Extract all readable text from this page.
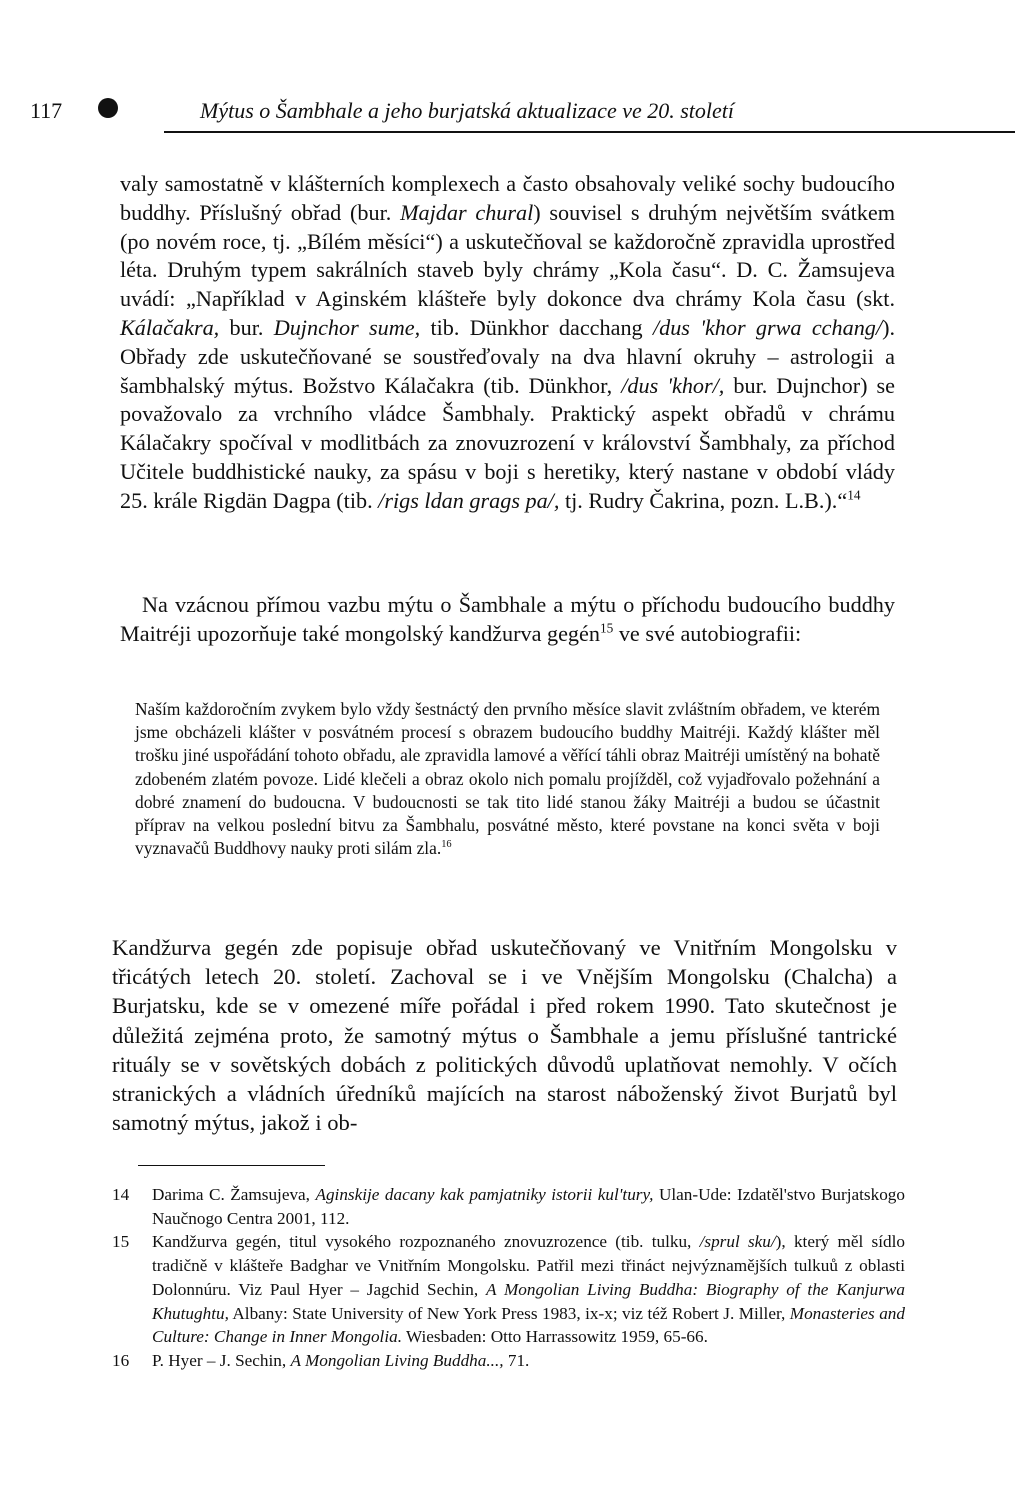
117	Mýtus o Šambhale a jeho burjatská aktualizace ve 20. století

valy samostatně v klášterních komplexech a často obsahovaly veliké sochy budoucího buddhy. Příslušný obřad (bur. Majdar chural) souvisel s druhým největším svátkem (po novém roce, tj. „Bílém měsíci“) a uskutečňoval se každoročně zpravidla uprostřed léta. Druhým typem sakrálních staveb byly chrámy „Kola času“. D. C. Žamsujeva uvádí: „Například v Aginském klášteře byly dokonce dva chrámy Kola času (skt. Kálačakra, bur. Dujnchor sume, tib. Dünkhor dacchang /dus 'khor grwa cchang/). Obřady zde uskutečňované se soustřeďovaly na dva hlavní okruhy – astrologii a šambhalský mýtus. Božstvo Kálačakra (tib. Dünkhor, /dus 'khor/, bur. Dujnchor) se považovalo za vrchního vládce Šambhaly. Praktický aspekt obřadů v chrámu Kálačakry spočíval v modlitbách za znovuzrození v království Šambhaly, za příchod Učitele buddhistické nauky, za spásu v boji s heretiky, který nastane v období vlády 25. krále Rigdän Dagpa (tib. /rigs ldan grags pa/, tj. Rudry Čakrina, pozn. L.B.).“$^{14}$

Na vzácnou přímou vazbu mýtu o Šambhale a mýtu o příchodu budoucího buddhy Maitréji upozorňuje také mongolský kandžurva gegén$^{15}$ ve své autobiografii:

Naším každoročním zvykem bylo vždy šestnáctý den prvního měsíce slavit zvláštním obřadem, ve kterém jsme obcházeli klášter v posvátném procesí s obrazem budoucího buddhy Maitréji. Každý klášter měl trošku jiné uspořádání tohoto obřadu, ale zpravidla lamové a věřící táhli obraz Maitréji umístěný na bohatě zdobeném zlatém povoze. Lidé klečeli a obraz okolo nich pomalu projížděl, což vyjadřovalo požehnání a dobré znamení do budoucna. V budoucnosti se tak tito lidé stanou žáky Maitréji a budou se účastnit příprav na velkou poslední bitvu za Šambhalu, posvátné město, které povstane na konci světa v boji vyznavačů Buddhovy nauky proti silám zla.$^{16}$

Kandžurva gegén zde popisuje obřad uskutečňovaný ve Vnitřním Mongolsku v třicátých letech 20. století. Zachoval se i ve Vnějším Mongolsku (Chalcha) a Burjatsku, kde se v omezené míře pořádal i před rokem 1990. Tato skutečnost je důležitá zejména proto, že samotný mýtus o Šambhale a jemu příslušné tantrické rituály se v sovětských dobách z politických důvodů uplatňovat nemohly. V očích stranických a vládních úředníků majících na starost náboženský život Burjatů byl samotný mýtus, jakož i ob-

14	Darima C. Žamsujeva, Aginskije dacany kak pamjatniky istorii kul'tury, Ulan-Ude: Izdatěl'stvo Burjatskogo Naučnogo Centra 2001, 112.
15	Kandžurva gegén, titul vysokého rozpoznaného znovuzrozence (tib. tulku, /sprul sku/), který měl sídlo tradičně v klášteře Badghar ve Vnitřním Mongolsku. Patřil mezi třináct nejvýznamějších tulkuů z oblasti Dolonnúru. Viz Paul Hyer – Jagchid Sechin, A Mongolian Living Buddha: Biography of the Kanjurwa Khutughtu, Albany: State University of New York Press 1983, ix-x; viz též Robert J. Miller, Monasteries and Culture: Change in Inner Mongolia. Wiesbaden: Otto Harrassowitz 1959, 65-66.
16	P. Hyer – J. Sechin, A Mongolian Living Buddha..., 71.
